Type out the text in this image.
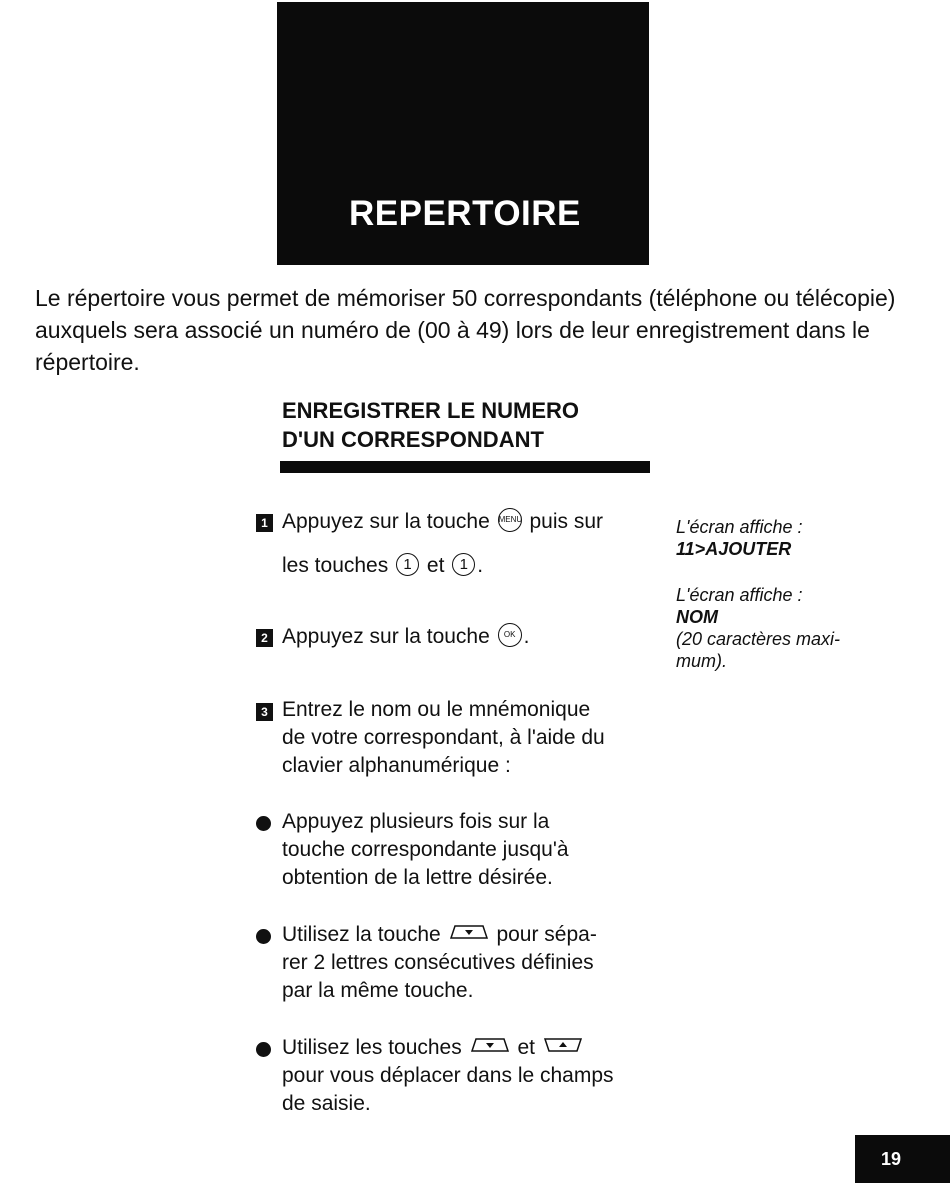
REPERTOIRE

Le répertoire vous permet de mémoriser 50 correspondants (téléphone ou télécopie) auxquels sera associé un numéro de (00 à 49) lors de leur enregistrement dans le répertoire.

ENREGISTRER LE NUMERO
D'UN CORRESPONDANT
1 Appuyez sur la touche MENU puis sur
les touches 1 et 1 .
2 Appuyez sur la touche OK .
3 Entrez le nom ou le mnémonique
de votre correspondant, à l'aide du
clavier alphanumérique :
Appuyez plusieurs fois sur la
touche correspondante jusqu'à
obtention de la lettre désirée.
Utilisez la touche	pour sépa-
rer 2 lettres consécutives définies
par la même touche.
Utilisez les touches	et
pour vous déplacer dans le champs
de saisie.
L'écran affiche :
11>AJOUTER
L'écran affiche :
NOM
(20 caractères maxi-
mum).
19
